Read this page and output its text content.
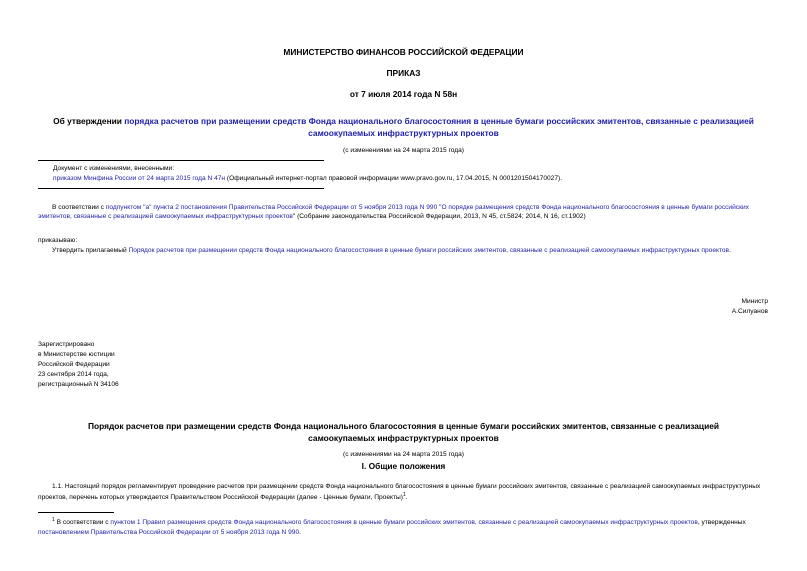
МИНИСТЕРСТВО ФИНАНСОВ РОССИЙСКОЙ ФЕДЕРАЦИИ
ПРИКАЗ
от 7 июля 2014 года N 58н
Об утверждении порядка расчетов при размещении средств Фонда национального благосостояния в ценные бумаги российских эмитентов, связанные с реализацией самоокупаемых инфраструктурных проектов
(с изменениями на 24 марта 2015 года)
Документ с изменениями, внесенными:
приказом Минфина России от 24 марта 2015 года N 47н (Официальный интернет-портал правовой информации www.pravo.gov.ru, 17.04.2015, N 0001201504170027).
В соответствии с подпунктом "а" пункта 2 постановления Правительства Российской Федерации от 5 ноября 2013 года N 990 "О порядке размещения средств Фонда национального благосостояния в ценные бумаги российских эмитентов, связанные с реализацией самоокупаемых инфраструктурных проектов" (Собрание законодательства Российской Федерации, 2013, N 45, ст.5824; 2014, N 16, ст.1902)
приказываю:
Утвердить прилагаемый Порядок расчетов при размещении средств Фонда национального благосостояния в ценные бумаги российских эмитентов, связанные с реализацией самоокупаемых инфраструктурных проектов.
Министр
А.Силуанов
Зарегистрировано
в Министерстве юстиции
Российской Федерации
23 сентября 2014 года,
регистрационный N 34106
Порядок расчетов при размещении средств Фонда национального благосостояния в ценные бумаги российских эмитентов, связанные с реализацией самоокупаемых инфраструктурных проектов
(с изменениями на 24 марта 2015 года)
I. Общие положения
1.1. Настоящий порядок регламентирует проведение расчетов при размещении средств Фонда национального благосостояния в ценные бумаги российских эмитентов, связанные с реализацией самоокупаемых инфраструктурных проектов, перечень которых утверждается Правительством Российской Федерации (далее - Ценные бумаги, Проекты)$^1$.
$^1$ В соответствии с пунктом 1 Правил размещения средств Фонда национального благосостояния в ценные бумаги российских эмитентов, связанные с реализацией самоокупаемых инфраструктурных проектов, утвержденных постановлением Правительства Российской Федерации от 5 ноября 2013 года N 990.
